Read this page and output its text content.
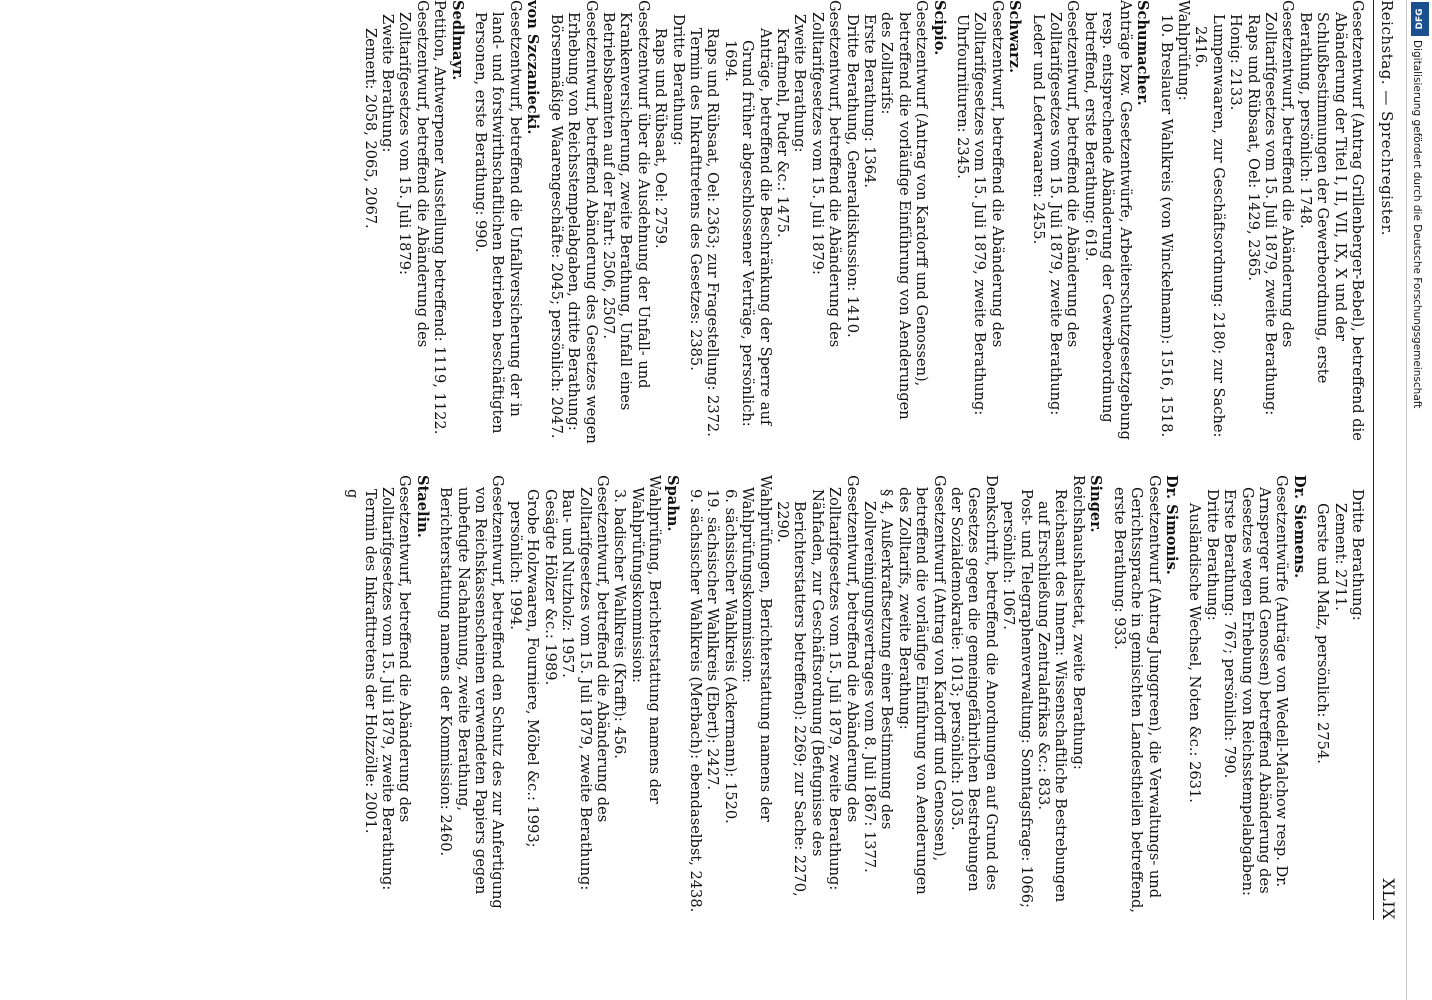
Reichstag. — Sprechregister.
XLIX
Gesetzentwurf (Antrag Grillenberger-Bebel), betreffend die Abänderung der Titel I, II, VII, IX, X und der Schlußbestimmungen der Gewerbeordnung, erste Berathung, persönlich: 1748.
Gesetzentwurf, betreffend die Abänderung des Zolltarifgesetzes vom 15. Juli 1879, zweite Berathung:
Raps und Rübsaat, Oel: 1429, 2365.
Honig: 2133.
Lumpenwaaren, zur Geschäftsordnung: 2180; zur Sache: 2416.
Wahlprüfung:
10. Breslauer Wahlkreis (von Winckelmann): 1516, 1518.
Schumacher.
Anträge bzw. Gesetzentwürfe, Arbeiterschutzgesetzgebung resp. entsprechende Abänderung der Gewerbeordnung betreffend, erste Berathung: 619.
Gesetzentwurf, betreffend die Abänderung des Zolltarifgesetzes vom 15. Juli 1879, zweite Berathung:
Leder und Lederwaaren: 2455.
Schwarz.
Gesetzentwurf, betreffend die Abänderung des Zolltarifgesetzes vom 15. Juli 1879, zweite Berathung:
Uhrfournituren: 2345.
Scipio.
Gesetzentwurf (Antrag von Kardorff und Genossen), betreffend die vorläufige Einführung von Aenderungen des Zolltarifs:
Erste Berathung: 1364.
Dritte Berathung, Generaldiskussion: 1410.
Gesetzentwurf, betreffend die Abänderung des Zolltarifgesetzes vom 15. Juli 1879:
Zweite Berathung:
Kraftmehl, Puder &c.: 1475.
Anträge, betreffend die Beschränkung der Sperre auf Grund früher abgeschlossener Verträge, persönlich: 1694.
Raps und Rübsaat, Oel: 2363; zur Fragestellung: 2372.
Termin des Inkrafttretens des Gesetzes: 2385.
Dritte Berathung:
Raps und Rübsaat, Oel: 2759.
Gesetzentwurf über die Ausdehnung der Unfall- und Krankenversicherung, zweite Berathung, Unfall eines Betriebsbeamten auf der Fahrt: 2506, 2507.
Gesetzentwurf, betreffend Abänderung des Gesetzes wegen Erhebung von Reichsstempelabgaben, dritte Berathung:
Börsenmäßige Waarengeschäfte: 2045; persönlich: 2047.
von Szczaniecki.
Gesetzentwurf, betreffend die Unfallversicherung der in land- und forstwirthschaftlichen Betrieben beschäftigten Personen, erste Berathung: 990.
Sedlmayr.
Petition, Antwerpener Ausstellung betreffend: 1119, 1122.
Gesetzentwurf, betreffend die Abänderung des Zolltarifgesetzes vom 15. Juli 1879:
Zweite Berathung:
Zement: 2058, 2065, 2067.
Dritte Berathung:
Zement: 2711.
Gerste und Malz, persönlich: 2754.
Dr. Siemens.
Gesetzentwürfe (Anträge von Wedell-Malchow resp. Dr. Arnsperger und Genossen) betreffend Abänderung des Gesetzes wegen Erhebung von Reichsstempelabgaben:
Erste Berathung: 767; persönlich: 790.
Dritte Berathung:
Ausländische Wechsel, Noten &c.: 2631.
Dr. Simonis.
Gesetzentwurf (Antrag Junggreen), die Verwaltungs- und Gerichtssprache in gemischten Landestheilen betreffend, erste Berathung: 933.
Singer.
Reichshaushaltsetat, zweite Berathung:
Reichsamt des Innern: Wissenschaftliche Bestrebungen auf Erschließung Zentralafrikas &c.: 833.
Post- und Telegraphenverwaltung: Sonntagsfrage: 1066; persönlich: 1067.
Denkschrift, betreffend die Anordnungen auf Grund des Gesetzes gegen die gemeingefährlichen Bestrebungen der Sozialdemokratie: 1013; persönlich: 1035.
Gesetzentwurf (Antrag von Kardorff und Genossen), betreffend die vorläufige Einführung von Aenderungen des Zolltarifs, zweite Berathung:
§ 4, Außerkraftsetzung einer Bestimmung des Zollvereinigungsvertrages vom 8. Juli 1867: 1377.
Gesetzentwurf, betreffend die Abänderung des Zolltarifgesetzes vom 15. Juli 1879, zweite Berathung:
Nähfaden, zur Geschäftsordnung (Befugnisse des Berichterstatters betreffend): 2269; zur Sache: 2270, 2290.
Wahlprüfungen, Berichterstattung namens der Wahlprüfungskommission:
6. sächsischer Wahlkreis (Ackermann): 1520.
19. sächsischer Wahlkreis (Ebert): 2427.
9. sächsischer Wahlkreis (Merbach): ebendaselbst, 2438.
Spahn.
Wahlprüfung, Berichterstattung namens der Wahlprüfungskommission:
3. badischer Wahlkreis (Krafft): 456.
Gesetzentwurf, betreffend die Abänderung des Zolltarifgesetzes vom 15. Juli 1879, zweite Berathung:
Bau- und Nutzholz: 1957.
Gesägte Hölzer &c.: 1989.
Grobe Holzwaaren, Fourniere, Möbel &c.: 1993; persönlich: 1994.
Gesetzentwurf, betreffend den Schutz des zur Anfertigung von Reichskassenscheinen verwendeten Papiers gegen unbefugte Nachahmung, zweite Berathung, Berichterstattung namens der Kommission: 2460.
Staelin.
Gesetzentwurf, betreffend die Abänderung des Zolltarifgesetzes vom 15. Juli 1879, zweite Berathung:
Termin des Inkrafttretens der Holzzölle: 2001.
g
DFG
Digitalisierung gefördert durch die Deutsche Forschungsgemeinschaft
